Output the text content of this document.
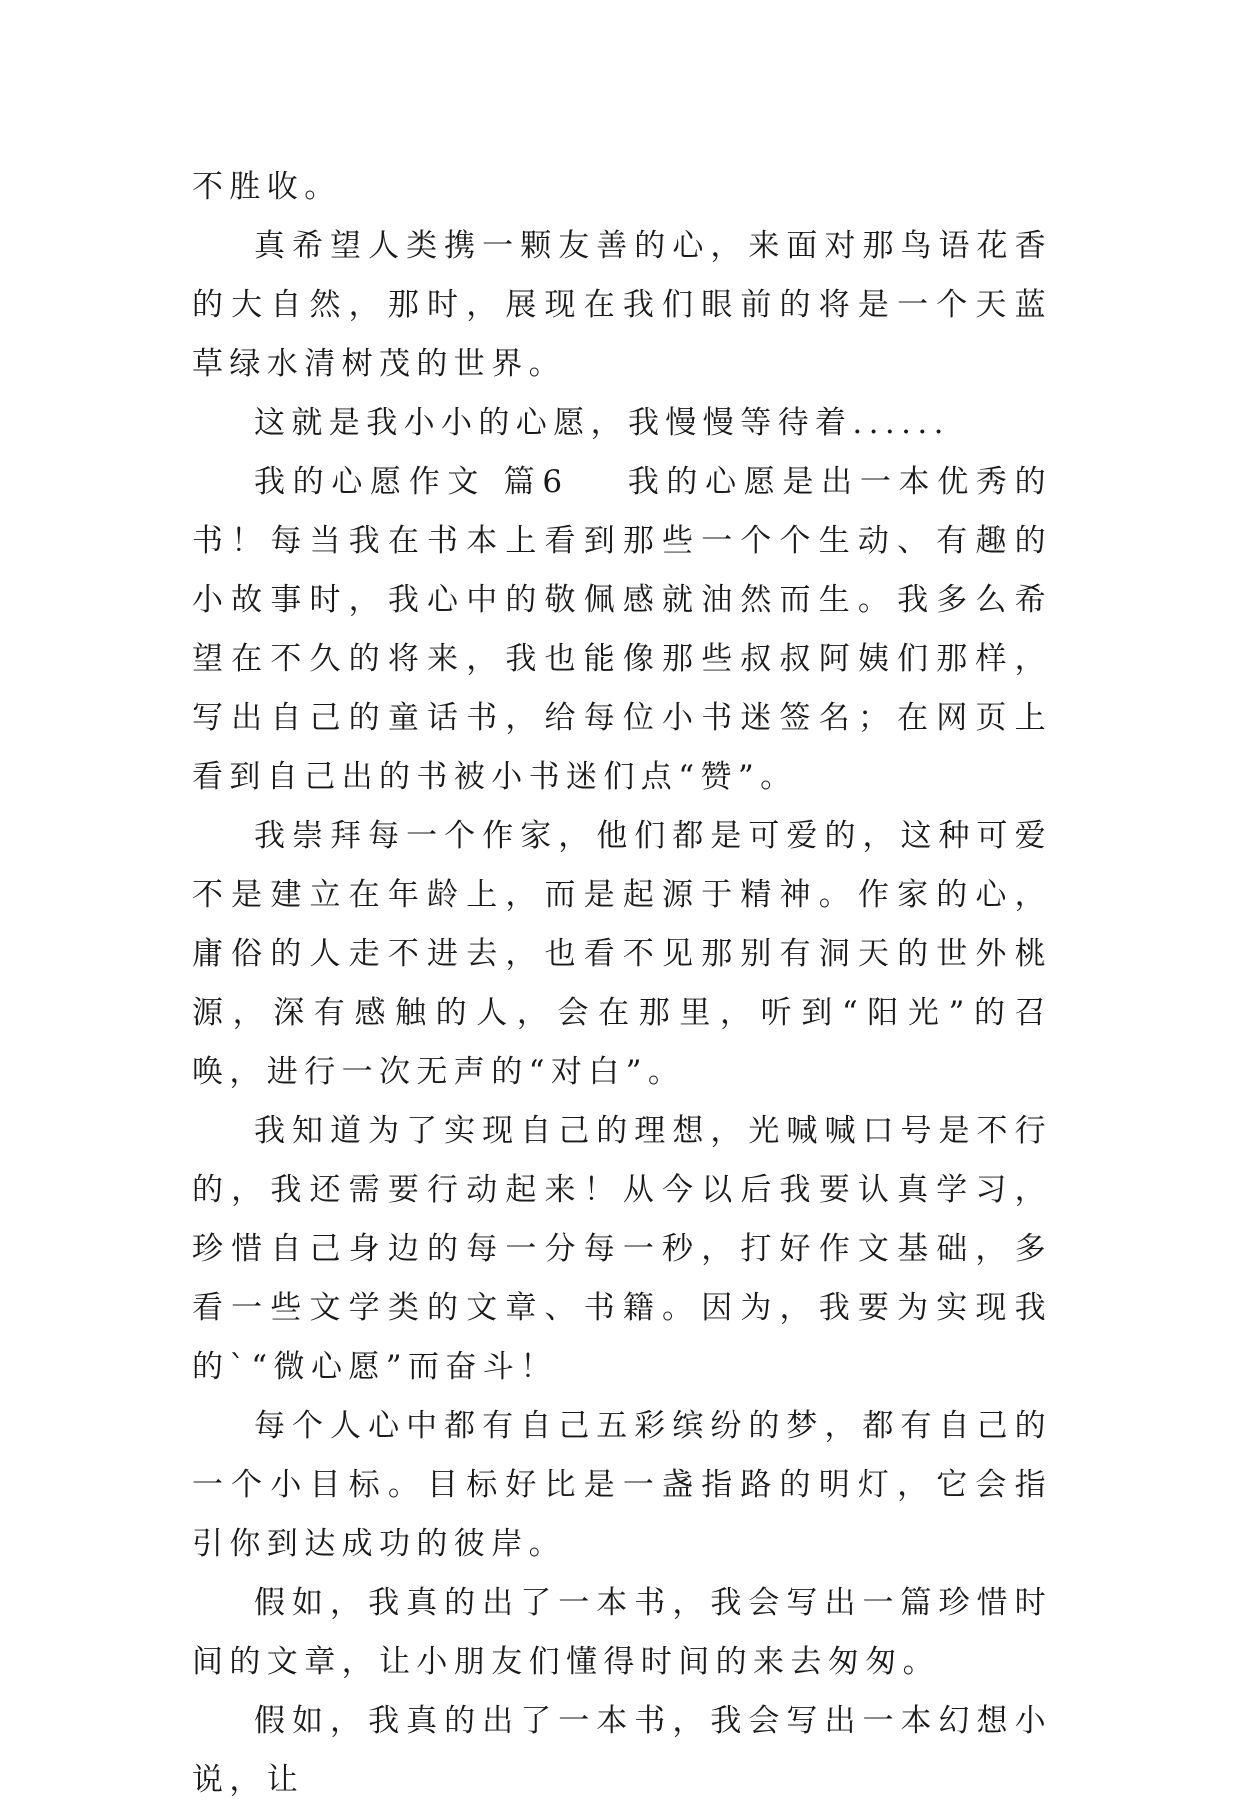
不胜收。

真希望人类携一颗友善的心，来面对那鸟语花香的大自然，那时，展现在我们眼前的将是一个天蓝草绿水清树茂的世界。

这就是我小小的心愿，我慢慢等待着......

我的心愿作文 篇6 我的心愿是出一本优秀的书！每当我在书本上看到那些一个个生动、有趣的小故事时，我心中的敬佩感就油然而生。我多么希望在不久的将来，我也能像那些叔叔阿姨们那样，写出自己的童话书，给每位小书迷签名；在网页上看到自己出的书被小书迷们点“赞”。

我崇拜每一个作家，他们都是可爱的，这种可爱不是建立在年龄上，而是起源于精神。作家的心，庸俗的人走不进去，也看不见那别有洞天的世外桃源，深有感触的人，会在那里，听到“阳光”的召唤，进行一次无声的“对白”。

我知道为了实现自己的理想，光喊喊口号是不行的，我还需要行动起来！从今以后我要认真学习，珍惜自己身边的每一分每一秒，打好作文基础，多看一些文学类的文章、书籍。因为，我要为实现我的`“微心愿”而奋斗！

每个人心中都有自己五彩缤纷的梦，都有自己的一个小目标。目标好比是一盏指路的明灯，它会指引你到达成功的彼岸。

假如，我真的出了一本书，我会写出一篇珍惜时间的文章，让小朋友们懂得时间的来去匆匆。

假如，我真的出了一本书，我会写出一本幻想小说，让
